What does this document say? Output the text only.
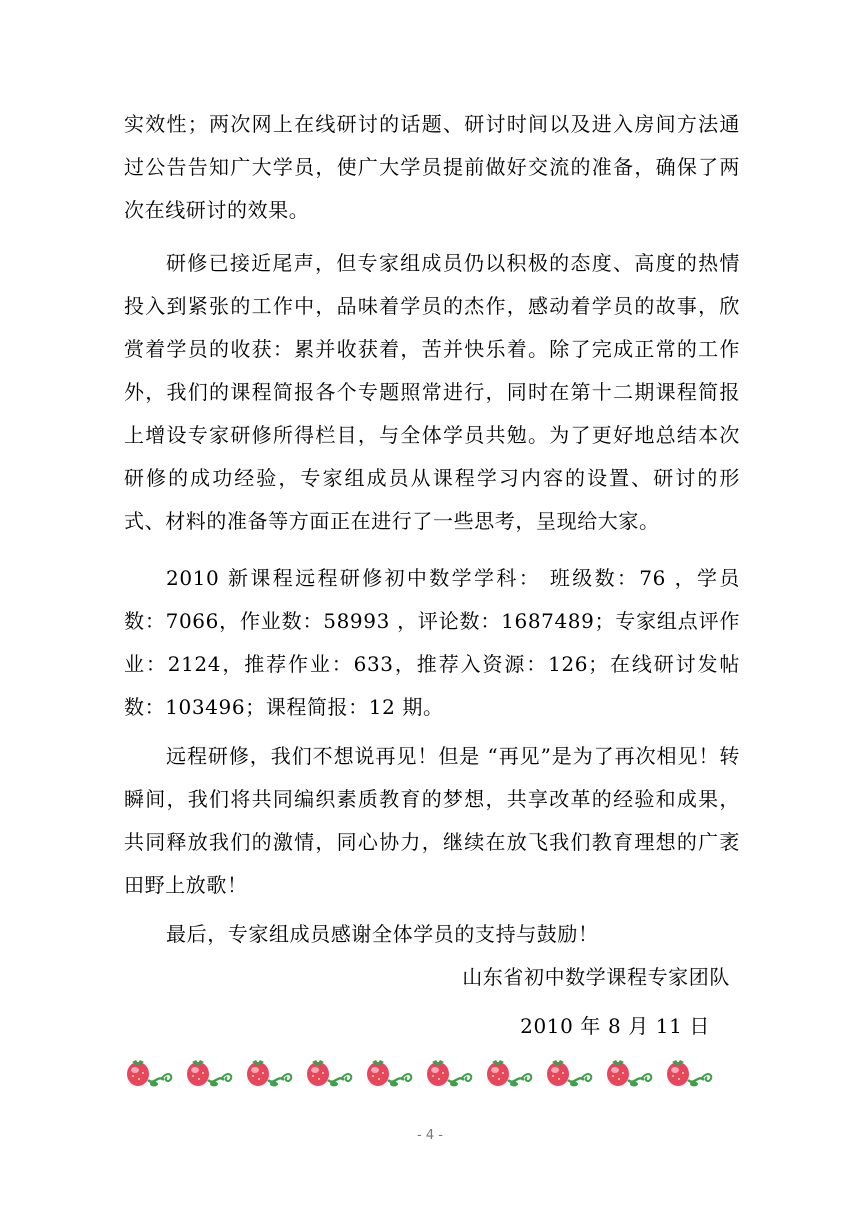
实效性；两次网上在线研讨的话题、研讨时间以及进入房间方法通过公告告知广大学员，使广大学员提前做好交流的准备，确保了两次在线研讨的效果。

研修已接近尾声，但专家组成员仍以积极的态度、高度的热情投入到紧张的工作中，品味着学员的杰作，感动着学员的故事，欣赏着学员的收获：累并收获着，苦并快乐着。除了完成正常的工作外，我们的课程简报各个专题照常进行，同时在第十二期课程简报上增设专家研修所得栏目，与全体学员共勉。为了更好地总结本次研修的成功经验，专家组成员从课程学习内容的设置、研讨的形式、材料的准备等方面正在进行了一些思考，呈现给大家。

2010 新课程远程研修初中数学学科： 班级数：76 ，学员数：7066，作业数：58993 ，评论数：1687489；专家组点评作业：2124，推荐作业：633，推荐入资源：126；在线研讨发帖数：103496；课程简报：12 期。

远程研修，我们不想说再见！但是 “再见”是为了再次相见！转瞬间，我们将共同编织素质教育的梦想，共享改革的经验和成果，共同释放我们的激情，同心协力，继续在放飞我们教育理想的广袤田野上放歌！

最后，专家组成员感谢全体学员的支持与鼓励！

山东省初中数学课程专家团队
2010 年 8 月 11 日
- 4 -
